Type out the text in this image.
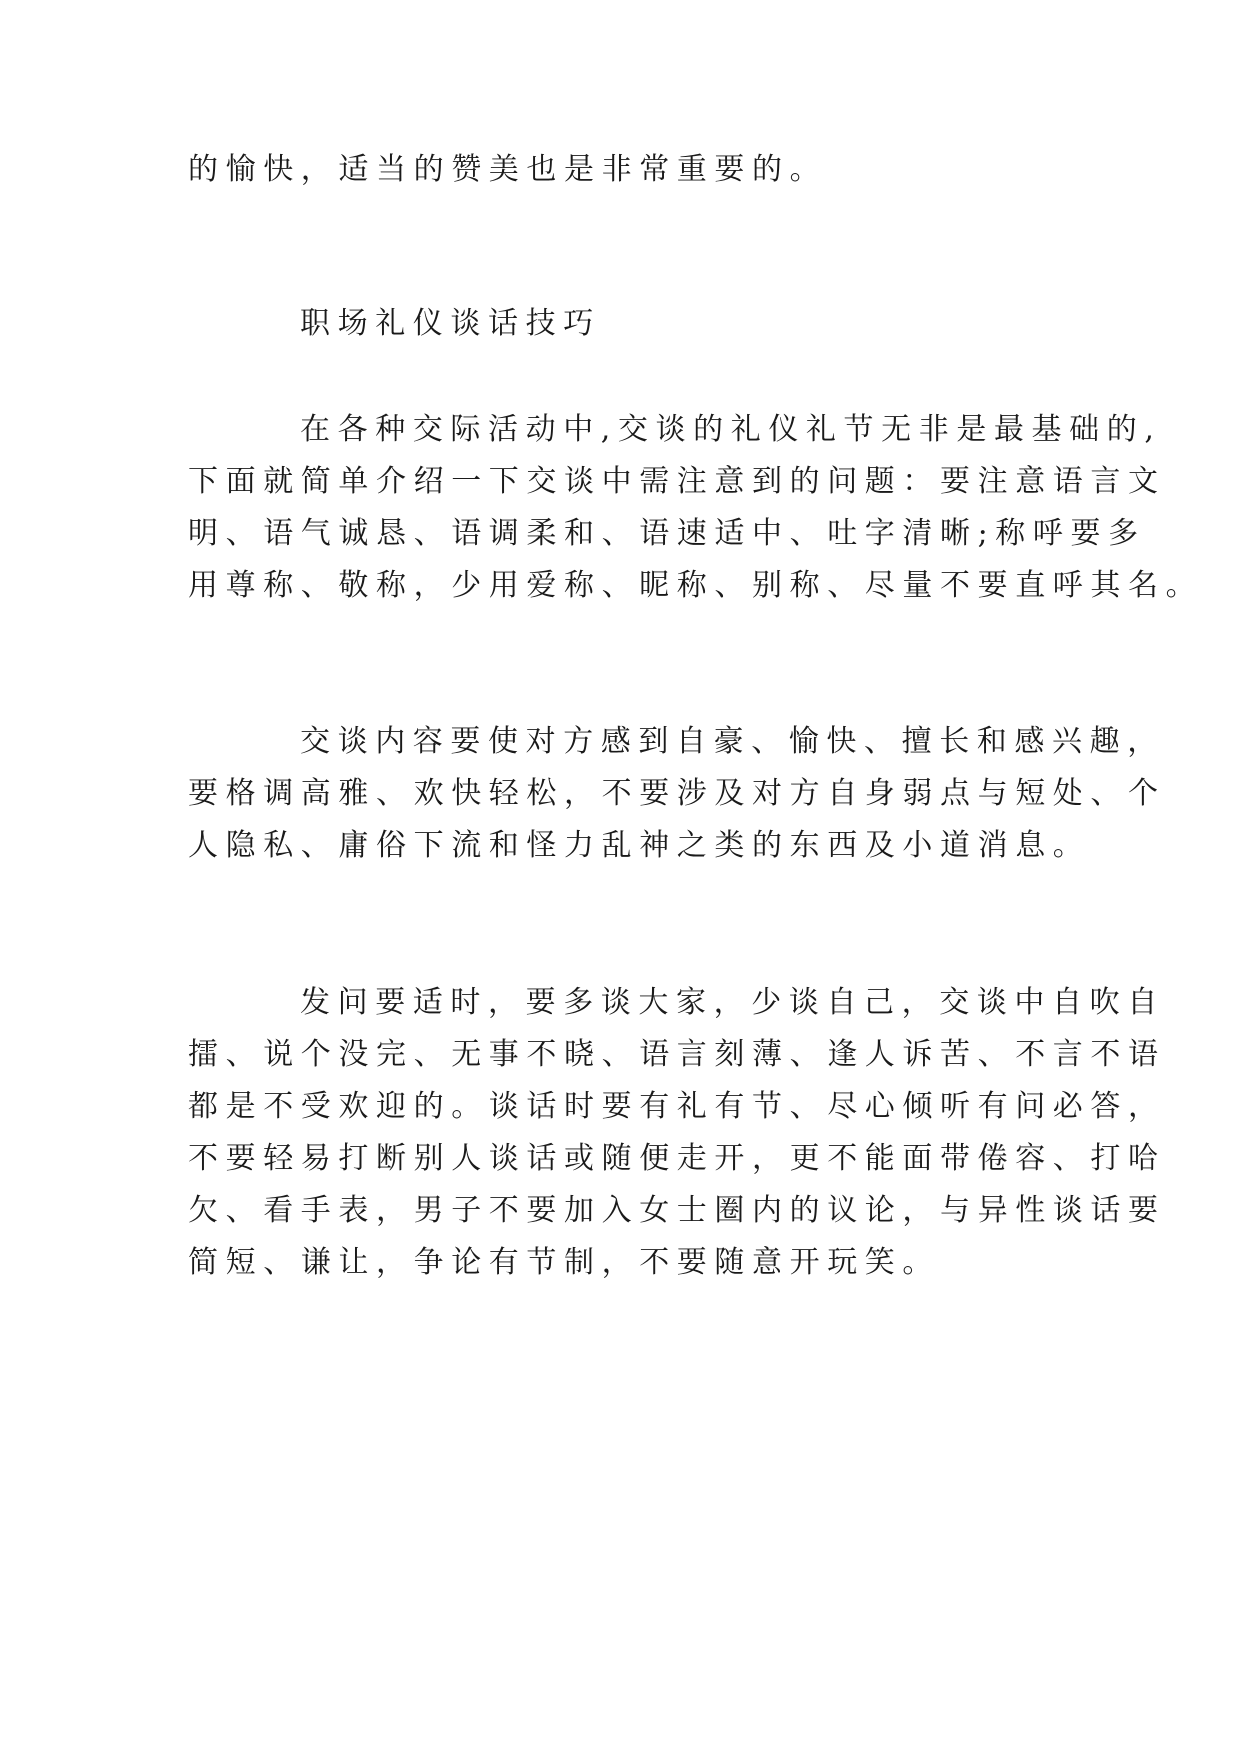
的愉快，适当的赞美也是非常重要的。
职场礼仪谈话技巧
在各种交际活动中,交谈的礼仪礼节无非是最基础的,
下面就简单介绍一下交谈中需注意到的问题：要注意语言文
明、语气诚恳、语调柔和、语速适中、吐字清晰;称呼要多
用尊称、敬称，少用爱称、昵称、别称、尽量不要直呼其名。
交谈内容要使对方感到自豪、愉快、擅长和感兴趣，
要格调高雅、欢快轻松，不要涉及对方自身弱点与短处、个
人隐私、庸俗下流和怪力乱神之类的东西及小道消息。
发问要适时，要多谈大家，少谈自己，交谈中自吹自
擂、说个没完、无事不晓、语言刻薄、逢人诉苦、不言不语
都是不受欢迎的。谈话时要有礼有节、尽心倾听有问必答，
不要轻易打断别人谈话或随便走开，更不能面带倦容、打哈
欠、看手表，男子不要加入女士圈内的议论，与异性谈话要
简短、谦让，争论有节制，不要随意开玩笑。
